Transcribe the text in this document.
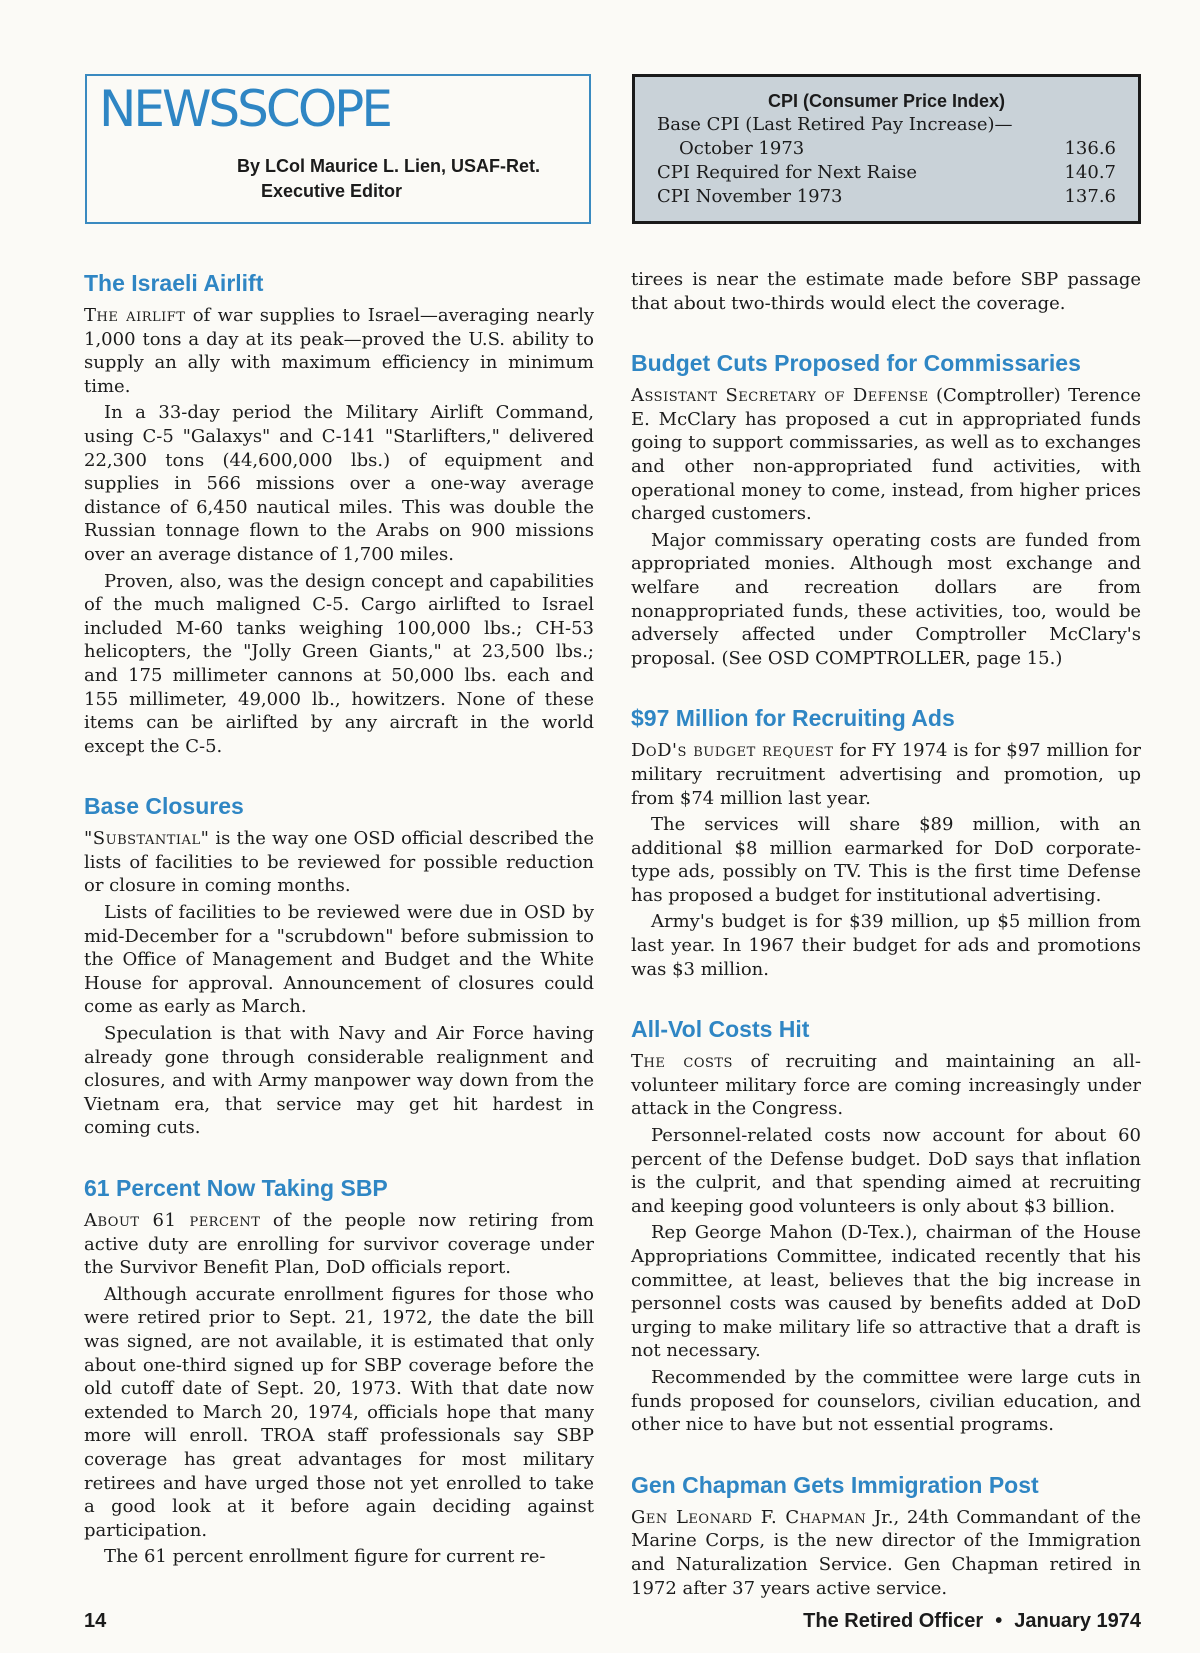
NEWSSCOPE
By LCol Maurice L. Lien, USAF-Ret.
Executive Editor
CPI (Consumer Price Index)
Base CPI (Last Retired Pay Increase)—
October 1973	136.6
CPI Required for Next Raise	140.7
CPI November 1973	137.6
The Israeli Airlift

The airlift of war supplies to Israel—averaging nearly 1,000 tons a day at its peak—proved the U.S. ability to supply an ally with maximum efficiency in minimum time.

In a 33-day period the Military Airlift Command, using C-5 "Galaxys" and C-141 "Starlifters," delivered 22,300 tons (44,600,000 lbs.) of equipment and supplies in 566 missions over a one-way average distance of 6,450 nautical miles. This was double the Russian tonnage flown to the Arabs on 900 missions over an average distance of 1,700 miles.

Proven, also, was the design concept and capabilities of the much maligned C-5. Cargo airlifted to Israel included M-60 tanks weighing 100,000 lbs.; CH-53 helicopters, the "Jolly Green Giants," at 23,500 lbs.; and 175 millimeter cannons at 50,000 lbs. each and 155 millimeter, 49,000 lb., howitzers. None of these items can be airlifted by any aircraft in the world except the C-5.

Base Closures

"Substantial" is the way one OSD official described the lists of facilities to be reviewed for possible reduction or closure in coming months.

Lists of facilities to be reviewed were due in OSD by mid-December for a "scrubdown" before submission to the Office of Management and Budget and the White House for approval. Announcement of closures could come as early as March.

Speculation is that with Navy and Air Force having already gone through considerable realignment and closures, and with Army manpower way down from the Vietnam era, that service may get hit hardest in coming cuts.

61 Percent Now Taking SBP

About 61 percent of the people now retiring from active duty are enrolling for survivor coverage under the Survivor Benefit Plan, DoD officials report.

Although accurate enrollment figures for those who were retired prior to Sept. 21, 1972, the date the bill was signed, are not available, it is estimated that only about one-third signed up for SBP coverage before the old cutoff date of Sept. 20, 1973. With that date now extended to March 20, 1974, officials hope that many more will enroll. TROA staff professionals say SBP coverage has great advantages for most military retirees and have urged those not yet enrolled to take a good look at it before again deciding against participation.

The 61 percent enrollment figure for current re-

tirees is near the estimate made before SBP passage that about two-thirds would elect the coverage.

Budget Cuts Proposed for Commissaries

Assistant Secretary of Defense (Comptroller) Terence E. McClary has proposed a cut in appropriated funds going to support commissaries, as well as to exchanges and other non-appropriated fund activities, with operational money to come, instead, from higher prices charged customers.

Major commissary operating costs are funded from appropriated monies. Although most exchange and welfare and recreation dollars are from nonappropriated funds, these activities, too, would be adversely affected under Comptroller McClary's proposal. (See OSD COMPTROLLER, page 15.)

$97 Million for Recruiting Ads

DoD's budget request for FY 1974 is for $97 million for military recruitment advertising and promotion, up from $74 million last year.

The services will share $89 million, with an additional $8 million earmarked for DoD corporate-type ads, possibly on TV. This is the first time Defense has proposed a budget for institutional advertising.

Army's budget is for $39 million, up $5 million from last year. In 1967 their budget for ads and promotions was $3 million.

All-Vol Costs Hit

The costs of recruiting and maintaining an all-volunteer military force are coming increasingly under attack in the Congress.

Personnel-related costs now account for about 60 percent of the Defense budget. DoD says that inflation is the culprit, and that spending aimed at recruiting and keeping good volunteers is only about $3 billion.

Rep George Mahon (D-Tex.), chairman of the House Appropriations Committee, indicated recently that his committee, at least, believes that the big increase in personnel costs was caused by benefits added at DoD urging to make military life so attractive that a draft is not necessary.

Recommended by the committee were large cuts in funds proposed for counselors, civilian education, and other nice to have but not essential programs.

Gen Chapman Gets Immigration Post

Gen Leonard F. Chapman Jr., 24th Commandant of the Marine Corps, is the new director of the Immigration and Naturalization Service. Gen Chapman retired in 1972 after 37 years active service.

14	The Retired Officer • January 1974
